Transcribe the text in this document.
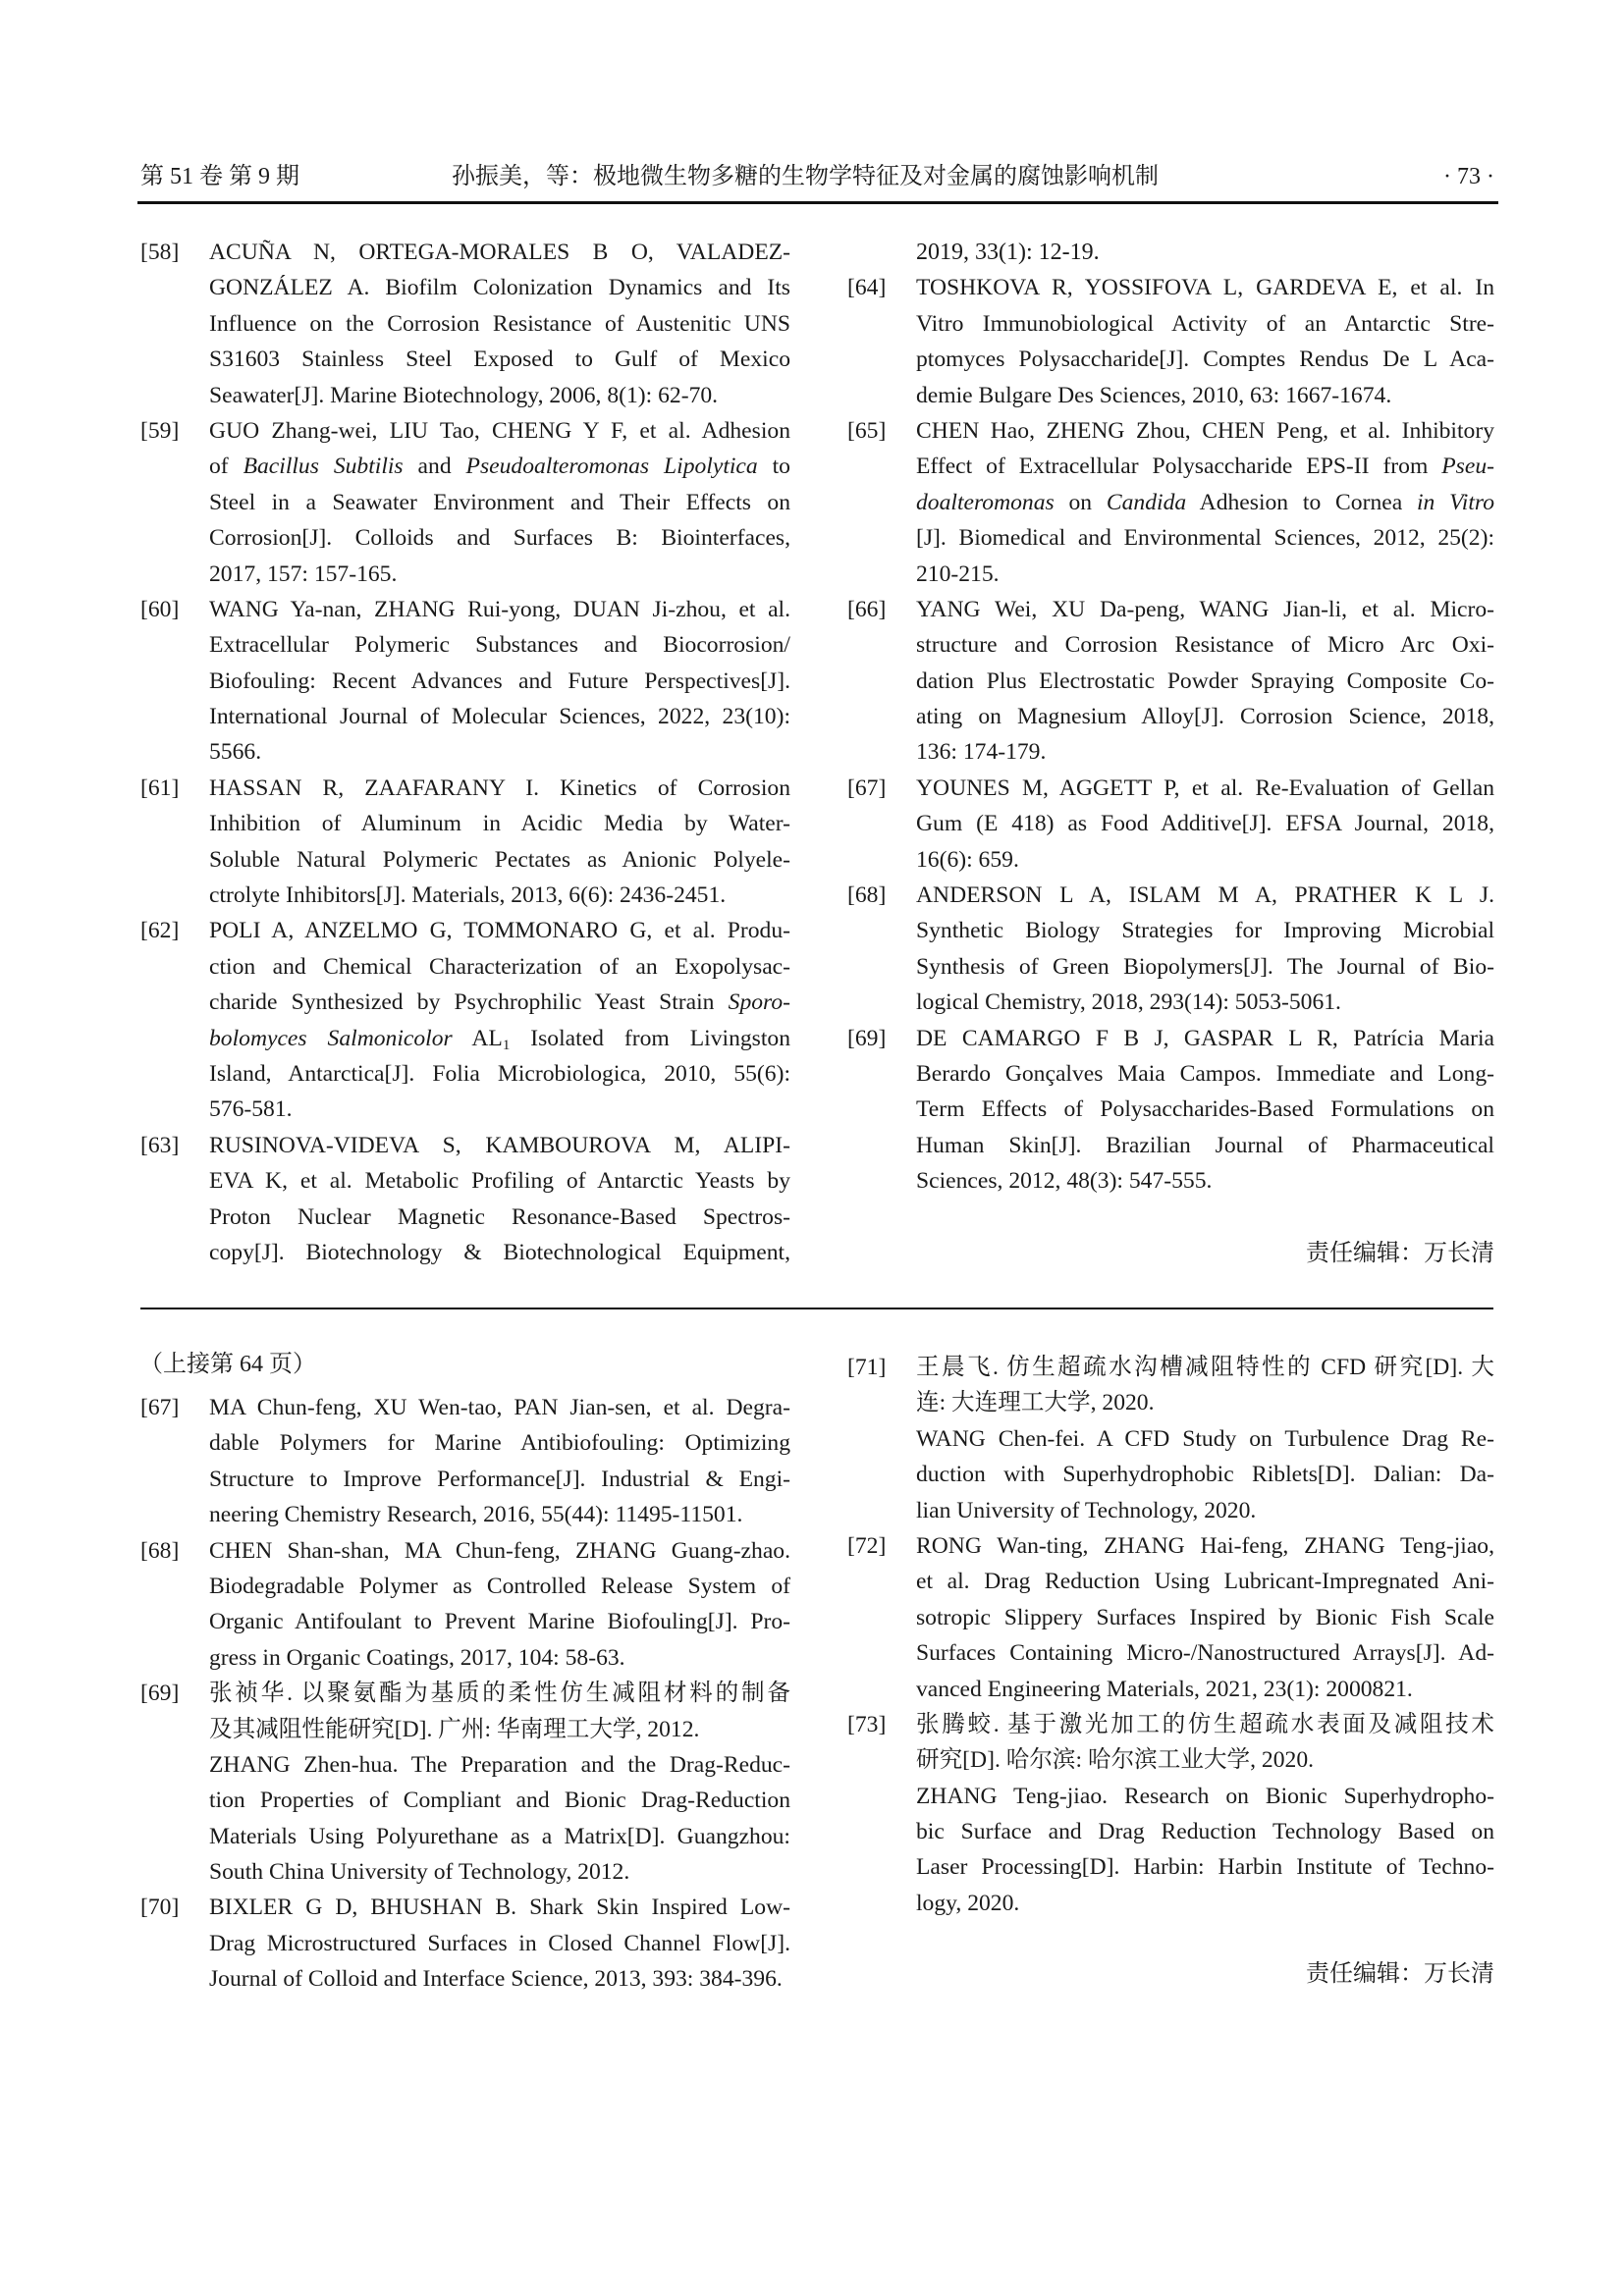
第 51 卷 第 9 期	孙振美，等：极地微生物多糖的生物学特征及对金属的腐蚀影响机制	· 73 ·
[58] ACUÑA N, ORTEGA-MORALES B O, VALADEZ-
GONZÁLEZ A. Biofilm Colonization Dynamics and Its
Influence on the Corrosion Resistance of Austenitic UNS
S31603 Stainless Steel Exposed to Gulf of Mexico
Seawater[J]. Marine Biotechnology, 2006, 8(1): 62-70.
[59] GUO Zhang-wei, LIU Tao, CHENG Y F, et al. Adhesion
of Bacillus Subtilis and Pseudoalteromonas Lipolytica to
Steel in a Seawater Environment and Their Effects on
Corrosion[J]. Colloids and Surfaces B: Biointerfaces,
2017, 157: 157-165.
[60] WANG Ya-nan, ZHANG Rui-yong, DUAN Ji-zhou, et al.
Extracellular Polymeric Substances and Biocorrosion/
Biofouling: Recent Advances and Future Perspectives[J].
International Journal of Molecular Sciences, 2022, 23(10):
5566.
[61] HASSAN R, ZAAFARANY I. Kinetics of Corrosion
Inhibition of Aluminum in Acidic Media by Water-
Soluble Natural Polymeric Pectates as Anionic Polyele-
ctrolyte Inhibitors[J]. Materials, 2013, 6(6): 2436-2451.
[62] POLI A, ANZELMO G, TOMMONARO G, et al. Produ-
ction and Chemical Characterization of an Exopolysac-
charide Synthesized by Psychrophilic Yeast Strain Sporo-
bolomyces Salmonicolor $AL_1$ Isolated from Livingston
Island, Antarctica[J]. Folia Microbiologica, 2010, 55(6):
576-581.
[63] RUSINOVA-VIDEVA S, KAMBOUROVA M, ALIPI-
EVA K, et al. Metabolic Profiling of Antarctic Yeasts by
Proton Nuclear Magnetic Resonance-Based Spectros-
copy[J]. Biotechnology & Biotechnological Equipment,
2019, 33(1): 12-19.
[64] TOSHKOVA R, YOSSIFOVA L, GARDEVA E, et al. In
Vitro Immunobiological Activity of an Antarctic Stre-
ptomyces Polysaccharide[J]. Comptes Rendus De L Aca-
demie Bulgare Des Sciences, 2010, 63: 1667-1674.
[65] CHEN Hao, ZHENG Zhou, CHEN Peng, et al. Inhibitory
Effect of Extracellular Polysaccharide EPS-II from Pseu-
doalteromonas on Candida Adhesion to Cornea in Vitro
[J]. Biomedical and Environmental Sciences, 2012, 25(2):
210-215.
[66] YANG Wei, XU Da-peng, WANG Jian-li, et al. Micro-
structure and Corrosion Resistance of Micro Arc Oxi-
dation Plus Electrostatic Powder Spraying Composite Co-
ating on Magnesium Alloy[J]. Corrosion Science, 2018,
136: 174-179.
[67] YOUNES M, AGGETT P, et al. Re-Evaluation of Gellan
Gum (E 418) as Food Additive[J]. EFSA Journal, 2018,
16(6): 659.
[68] ANDERSON L A, ISLAM M A, PRATHER K L J.
Synthetic Biology Strategies for Improving Microbial
Synthesis of Green Biopolymers[J]. The Journal of Bio-
logical Chemistry, 2018, 293(14): 5053-5061.
[69] DE CAMARGO F B J, GASPAR L R, Patrícia Maria
Berardo Gonçalves Maia Campos. Immediate and Long-
Term Effects of Polysaccharides-Based Formulations on
Human Skin[J]. Brazilian Journal of Pharmaceutical
Sciences, 2012, 48(3): 547-555.
责任编辑：万长清
（上接第 64 页）
[67] MA Chun-feng, XU Wen-tao, PAN Jian-sen, et al. Degra-
dable Polymers for Marine Antibiofouling: Optimizing
Structure to Improve Performance[J]. Industrial & Engi-
neering Chemistry Research, 2016, 55(44): 11495-11501.
[68] CHEN Shan-shan, MA Chun-feng, ZHANG Guang-zhao.
Biodegradable Polymer as Controlled Release System of
Organic Antifoulant to Prevent Marine Biofouling[J]. Pro-
gress in Organic Coatings, 2017, 104: 58-63.
[69] 张祯华. 以聚氨酯为基质的柔性仿生减阻材料的制备
及其减阻性能研究[D]. 广州: 华南理工大学, 2012.
ZHANG Zhen-hua. The Preparation and the Drag-Reduc-
tion Properties of Compliant and Bionic Drag-Reduction
Materials Using Polyurethane as a Matrix[D]. Guangzhou:
South China University of Technology, 2012.
[70] BIXLER G D, BHUSHAN B. Shark Skin Inspired Low-
Drag Microstructured Surfaces in Closed Channel Flow[J].
Journal of Colloid and Interface Science, 2013, 393: 384-396.
[71] 王晨飞. 仿生超疏水沟槽减阻特性的 CFD 研究[D]. 大
连: 大连理工大学, 2020.
WANG Chen-fei. A CFD Study on Turbulence Drag Re-
duction with Superhydrophobic Riblets[D]. Dalian: Da-
lian University of Technology, 2020.
[72] RONG Wan-ting, ZHANG Hai-feng, ZHANG Teng-jiao,
et al. Drag Reduction Using Lubricant-Impregnated Ani-
sotropic Slippery Surfaces Inspired by Bionic Fish Scale
Surfaces Containing Micro-/Nanostructured Arrays[J]. Ad-
vanced Engineering Materials, 2021, 23(1): 2000821.
[73] 张腾蛟. 基于激光加工的仿生超疏水表面及减阻技术
研究[D]. 哈尔滨: 哈尔滨工业大学, 2020.
ZHANG Teng-jiao. Research on Bionic Superhydropho-
bic Surface and Drag Reduction Technology Based on
Laser Processing[D]. Harbin: Harbin Institute of Techno-
logy, 2020.
责任编辑：万长清
